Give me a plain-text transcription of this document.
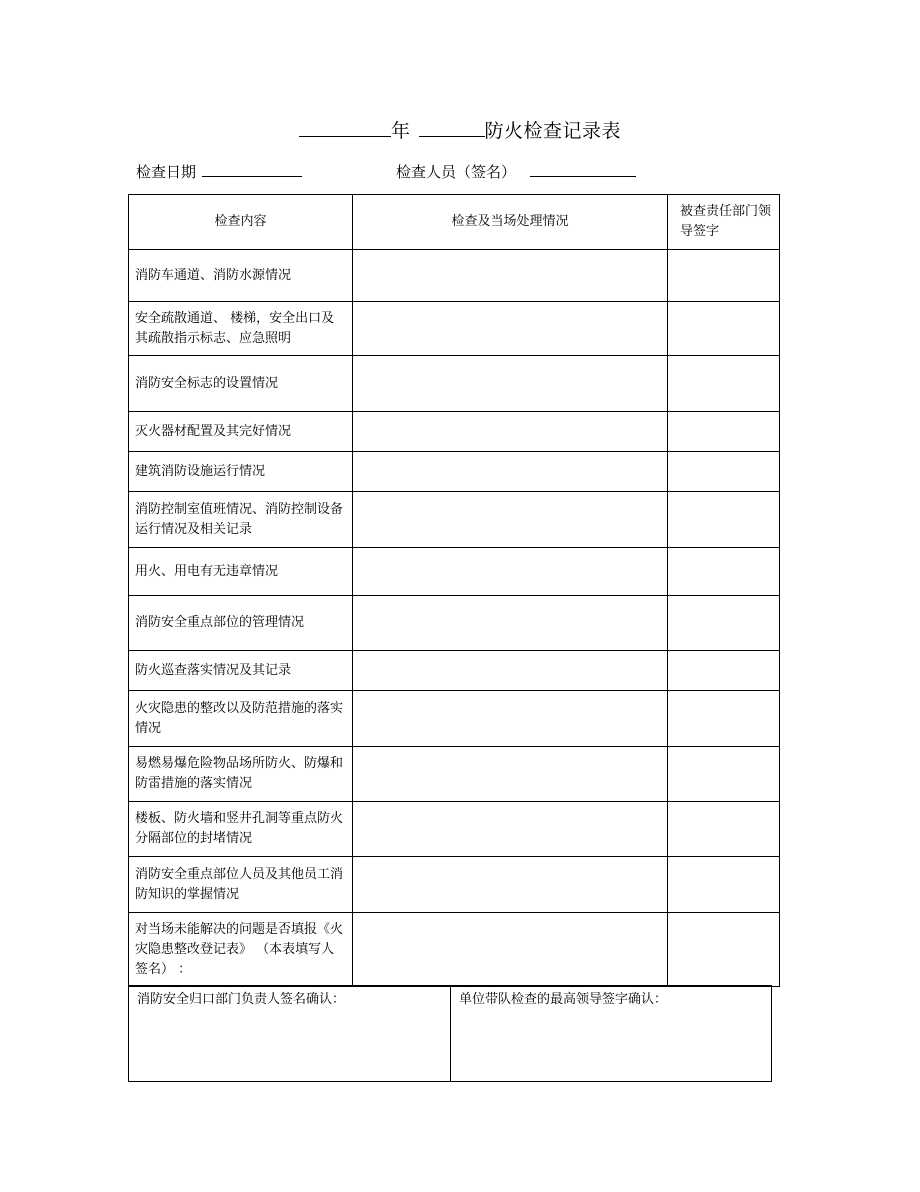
年	防火检查记录表
检查日期	检查人员（签名）
检查内容	检查及当场处理情况	被查责任部门领导签字
消防车通道、消防水源情况		
安全疏散通道、 楼梯，安全出口及其疏散指示标志、应急照明		
消防安全标志的设置情况		
灭火器材配置及其完好情况		
建筑消防设施运行情况		
消防控制室值班情况、消防控制设备运行情况及相关记录		
用火、用电有无违章情况		
消防安全重点部位的管理情况		
防火巡查落实情况及其记录		
火灾隐患的整改以及防范措施的落实情况		
易燃易爆危险物品场所防火、防爆和防雷措施的落实情况		
楼板、防火墙和竖井孔洞等重点防火分隔部位的封堵情况		
消防安全重点部位人员及其他员工消防知识的掌握情况		
对当场未能解决的问题是否填报《火灾隐患整改登记表》 （本表填写人签名） ：		
消防安全归口部门负责人签名确认：	单位带队检查的最高领导签字确认：
